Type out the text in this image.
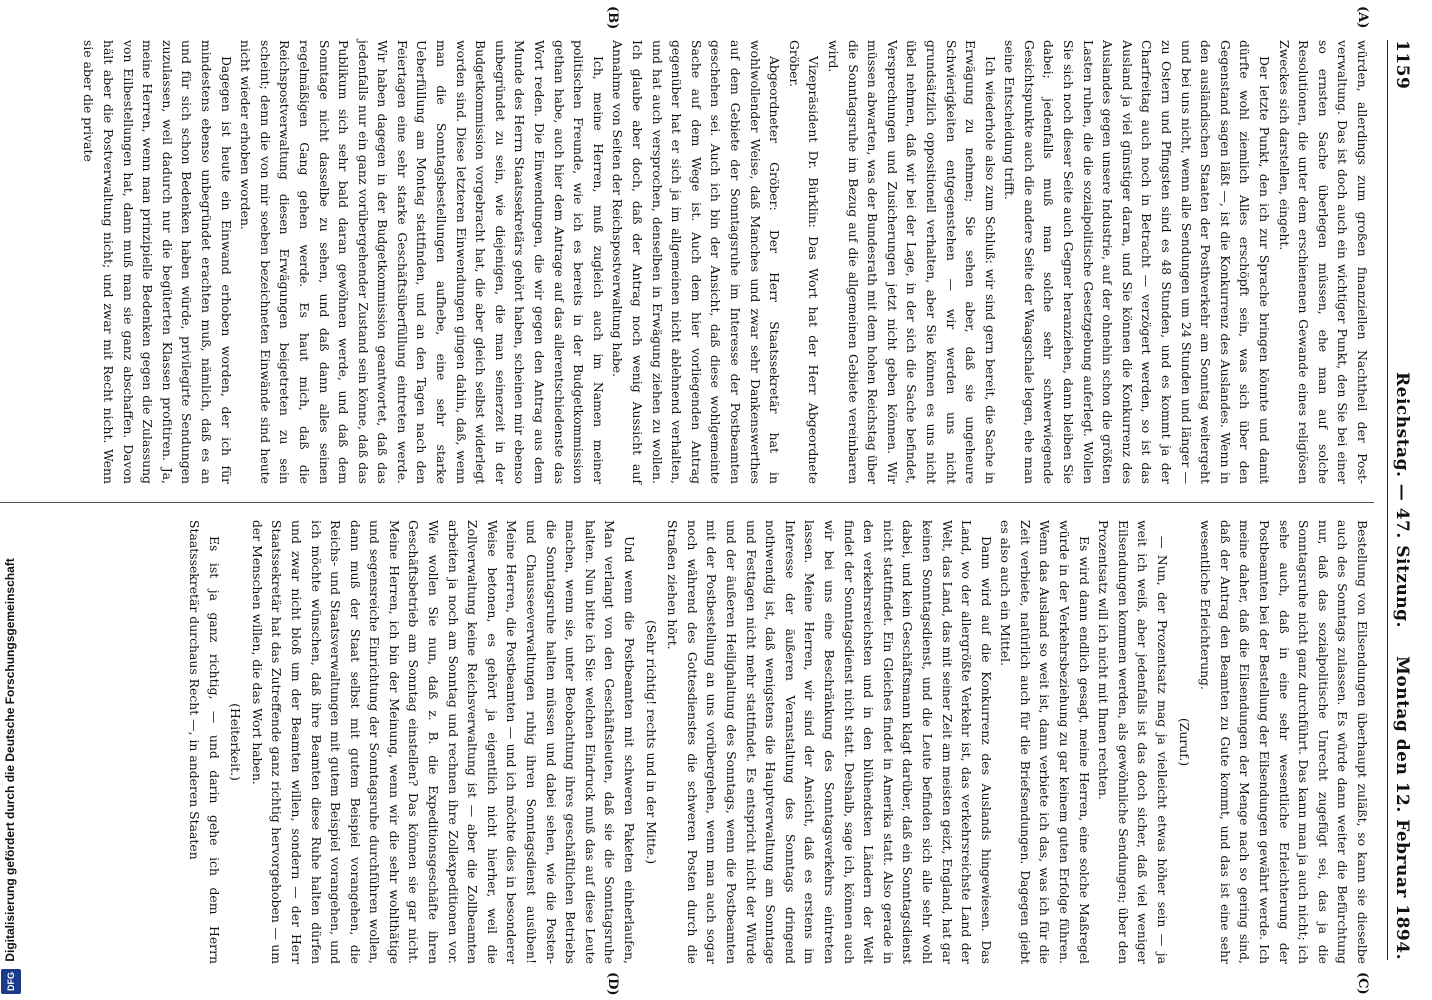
1159
Reichstag. — 47. Sitzung.
Montag den 12. Februar 1894.
(A)
(B)
(C)
(D)

würden, allerdings zum großen finanziellen Nachtheil der Post-verwaltung. Das ist doch auch ein wichtiger Punkt, den Sie bei einer so ernsten Sache überlegen müssen, ehe man auf solche Resolutionen, die unter dem erschienenen Gewande eines religiösen Zweckes sich darstellen, eingeht.

Der letzte Punkt, den ich zur Sprache bringen könnte und damit dürfte wohl ziemlich Alles erschöpft sein, was sich über den Gegenstand sagen läßt —, ist die Konkurrenz des Auslandes. Wenn in den ausländischen Staaten der Posthverkehr am Sonntag weitergeht und bei uns nicht, wenn alle Sendungen um 24 Stunden und länger — zu Ostern und Pfingsten sind es 48 Stunden, und es kommt ja der Charfreitag auch noch in Betracht — verzögert werden, so ist das Ausland ja viel günstiger daran, und Sie können die Konkurrenz des Auslandes gegen unsere Industrie, auf der ohnehin schon die größten Lasten ruhen, die die sozialpolitische Gesetzgebung auferlegt. Wollen Sie sich noch dieser Seite auch Gegner heranziehen, dann bleiben Sie dabei; jedenfalls muß man solche sehr schwerwiegende Gesichtspunkte auch die andere Seite der Waagschale legen, ehe man seine Entscheidung trifft.

Ich wiederhole also zum Schluß: wir sind gern bereit, die Sache in Erwägung zu nehmen; Sie sehen aber, daß sie ungeheure Schwierigkeiten entgegenstehen — wir werden uns nicht grundsätzlich oppositionell verhalten, aber Sie können es uns nicht übel nehmen, daß wir bei der Lage, in der sich die Sache befindet, Versprechungen und Zusicherungen jetzt nicht geben können. Wir müssen abwarten, was der Bundesrath mit dem hohen Reichstag über die Sonntagsruhe im Bezug auf die allgemeinen Gebiete vereinbaren wird.

Vizepräsident Dr. Bürklin: Das Wort hat der Herr Abgeordnete Gröber.

Abgeordneter Gröber: Der Herr Staatssekretär hat in wohlwollender Weise, daß Manches und zwar sehr Dankenswerthes auf dem Gebiete der Sonntagsruhe im Interesse der Postbeamten geschehen sei. Auch ich bin der Ansicht, daß diese wohlgemeinte Sache auf dem Wege ist. Auch dem hier vorliegenden Antrag gegenüber hat er sich ja im allgemeinen nicht ablehnend verhalten, und hat auch versprochen, denselben in Erwägung ziehen zu wollen. Ich glaube aber doch, daß der Antrag noch wenig Aussicht auf Annahme von Seiten der Reichspostverwaltung habe.

Ich, meine Herren, muß zugleich auch im Namen meiner politischen Freunde, wie ich es bereits in der Budgetkommission gethan habe, auch hier dem Antrage auf das allerentschiedenste das Wort reden. Die Einwendungen, die wir gegen den Antrag aus dem Munde des Herrn Staatssekretärs gehört haben, scheinen mir ebenso unbegründet zu sein, wie diejenigen, die man seinerzeit in der Budgetkommission vorgebracht hat, die aber gleich selbst widerlegt worden sind. Diese letzteren Einwendungen gingen dahin, daß, wenn man die Sonntagsbestellungen aufhebe, eine sehr starke Ueberfüllung am Montag stattfinden, und an den Tagen nach den Feiertagen eine sehr starke Geschäftsüberfüllung eintreten werde. Wir haben dagegen in der Budgetkommission geantwortet, daß das jedenfalls nur ein ganz vorübergehender Zustand sein könne, daß das Publikum sich sehr bald daran gewöhnen werde, und daß dem Sonntage nicht dasselbe zu sehen, und daß dann alles seinen regelmäßigen Gang gehen werde. Es haut mich, daß die Reichspostverwaltung diesen Erwägungen beigetreten zu sein scheint; denn die von mir soeben bezeichneten Einwände sind heute nicht wieder erhoben worden.

Dagegen ist heute ein Einwand erhoben worden, der ich für mindestens ebenso unbegründet erachten muß, nämlich, daß es an und für sich schon Bedenken haben würde, privilegirte Sendungen zuzulassen, weil dadurch nur die begüterten Klassen profitiren. Ja, meine Herren, wenn man prinzipielle Bedenken gegen die Zulassung von Eilbestellungen hat, dann muß man sie ganz abschaffen. Davon hält aber die Postverwaltung nicht; und zwar mit Recht nicht. Wenn sie aber die private

Bestellung von Eilsendungen überhaupt zuläßt, so kann sie dieselbe auch des Sonntags zulassen. Es würde dann weiter die Befürchtung nur, daß das sozialpolitische Unrecht zugefügt sei, das ja die Sonntagsruhe nicht ganz durchführt. Das kann man ja auch nicht; ich sehe auch, daß in eine sehr wesentliche Erleichterung der Postbeamten bei der Bestellung der Eilsendungen gewährt werde. Ich meine daher, daß die Eilsendungen der Menge nach so gering sind, daß der Antrag den Beamten zu Gute kommt, und das ist eine sehr wesentliche Erleichterung.

(Zuruf.)

— Nun, der Prozentsatz mag ja vielleicht etwas höher sein — ja weit ich weiß, aber jedenfalls ist das doch sicher, daß viel weniger Eilsendungen kommen werden, als gewöhnliche Sendungen; über den Prozentsatz will ich nicht mit Ihnen rechten.

Es wird dann endlich gesagt, meine Herren, eine solche Maßregel würde in der Verkehrsbeziehung zu gar keinem guten Erfolge führen. Wenn das Ausland so weit ist, dann verbiete ich das, was ich für die Zeit verbiete, natürlich auch für die Briefsendungen. Dagegen giebt es also auch ein Mittel.

Dann wird auf die Konkurrenz des Auslands hingewiesen. Das Land, wo der allergrößte Verkehr ist, das verkehrsreichste Land der Welt, das Land, das mit seiner Zeit am meisten geizt, England, hat gar keinen Sonntagsdienst, und die Leute befinden sich alle sehr wohl dabei, und kein Geschäftsmann klagt darüber, daß ein Sonntagsdienst nicht stattfindet. Ein Gleiches findet in Amerika statt. Also gerade in den verkehrsreichsten und in den blühendsten Ländern der Welt findet der Sonntagsdienst nicht statt. Deshalb, sage ich, können auch wir bei uns eine Beschränkung des Sonntagsverkehrs eintreten lassen. Meine Herren, wir sind der Ansicht, daß es erstens im Interesse der äußeren Veranstaltung des Sonntags dringend nothwendig ist, daß wenigstens die Hauptverwaltung am Sonntage und Festtagen nicht mehr stattfindet. Es entspricht nicht der Würde und der äußeren Heilighaltung des Sonntags, wenn die Postbeamten mit der Postbestellung an uns vorübergehen, wenn man auch sogar noch während des Gottesdienstes die schweren Posten durch die Straßen ziehen hört.

(Sehr richtig! rechts und in der Mitte.)

Und wenn die Postbeamten mit schweren Paketen einherlaufen, Man verlangt von den Geschäftsleuten, daß sie die Sonntagsruhe halten. Nun bitte ich Sie: welchen Eindruck muß das auf diese Leute machen, wenn sie, unter Beobachtung ihres geschäftlichen Betriebs die Sonntagsruhe halten müssen und dabei sehen, wie die Posten- und Chausseeverwaltungen ruhig ihren Sonntagsdienst ausüben! Meine Herren, die Postbeamten — und ich möchte dies in besonderer Weise betonen, es gehört ja eigentlich nicht hierher, weil die Zollverwaltung keine Reichsverwaltung ist — aber die Zollbeamten arbeiten ja noch am Sonntag und rechnen ihre Zollexpeditionen vor. Wie wollen Sie nun, daß z. B. die Expeditionsgeschäfte ihren Geschäftsbetrieb am Sonntag einstellen? Das können sie gar nicht. Meine Herren, ich bin der Meinung, wenn wir die sehr wohlthätige und segensreiche Einrichtung der Sonntagsruhe durchführen wollen, dann muß der Staat selbst mit gutem Beispiel vorangehen, die Reichs- und Staatsverwaltungen mit gutem Beispiel vorangehen, und ich möchte wünschen, daß ihre Beamten diese Ruhe halten dürfen und zwar nicht bloß um der Beamten willen, sondern — der Herr Staatssekretär hat das Zutreffende ganz richtig hervorgehoben — um der Menschen willen, die das Wort haben.

(Heiterkeit.)

Es ist ja ganz richtig, — und darin gehe ich dem Herrn Staatssekretär durchaus Recht —, in anderen Staaten

DFG Digitalisierung gefördert durch die Deutsche Forschungsgemeinschaft
